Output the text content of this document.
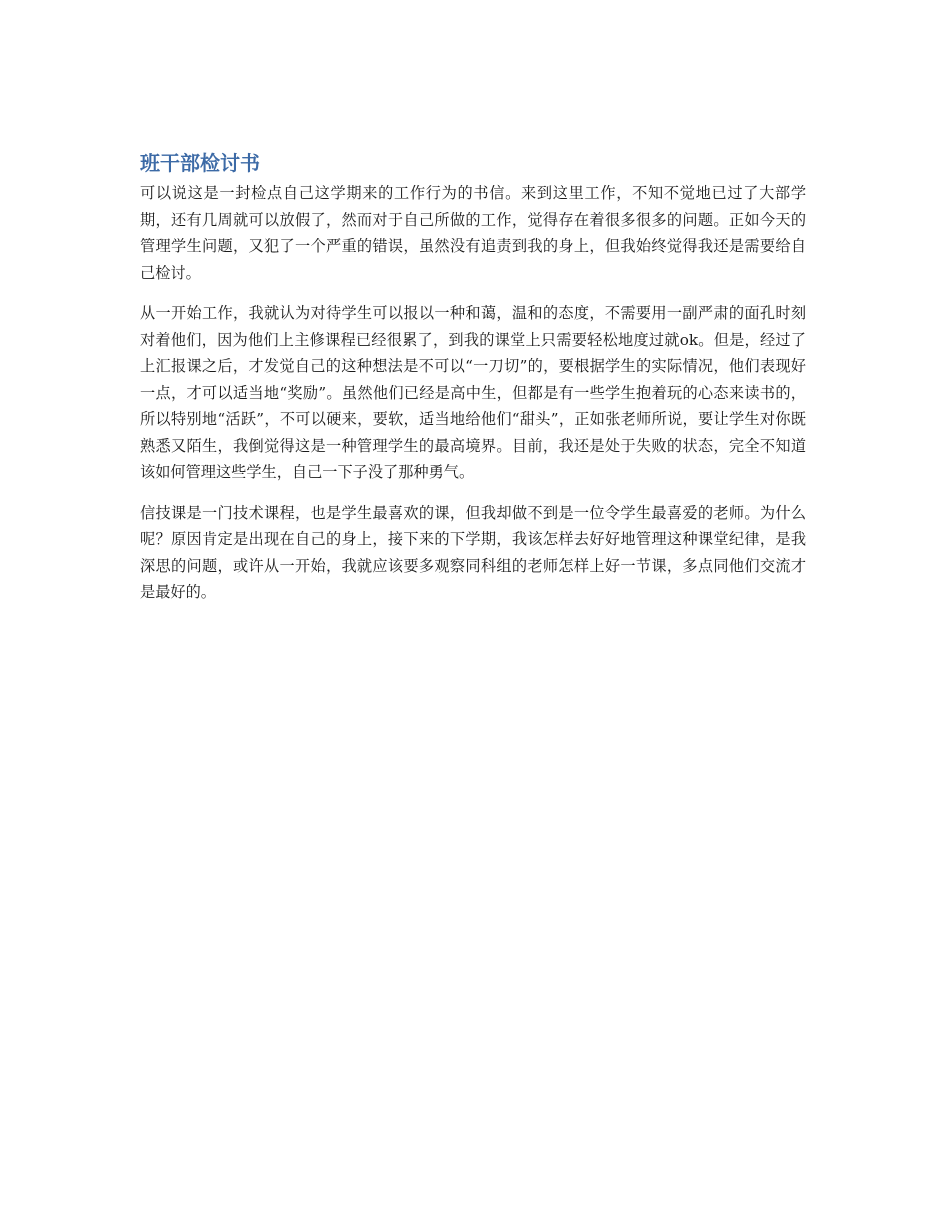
班干部检讨书

可以说这是一封检点自己这学期来的工作行为的书信。来到这里工作，不知不觉地已过了大部学期，还有几周就可以放假了，然而对于自己所做的工作，觉得存在着很多很多的问题。正如今天的管理学生问题，又犯了一个严重的错误，虽然没有追责到我的身上，但我始终觉得我还是需要给自己检讨。

从一开始工作，我就认为对待学生可以报以一种和蔼，温和的态度，不需要用一副严肃的面孔时刻对着他们，因为他们上主修课程已经很累了，到我的课堂上只需要轻松地度过就ok。但是，经过了上汇报课之后，才发觉自己的这种想法是不可以“一刀切”的，要根据学生的实际情况，他们表现好一点，才可以适当地“奖励”。虽然他们已经是高中生，但都是有一些学生抱着玩的心态来读书的，所以特别地“活跃”，不可以硬来，要软，适当地给他们“甜头”，正如张老师所说，要让学生对你既熟悉又陌生，我倒觉得这是一种管理学生的最高境界。目前，我还是处于失败的状态，完全不知道该如何管理这些学生，自己一下子没了那种勇气。

信技课是一门技术课程，也是学生最喜欢的课，但我却做不到是一位令学生最喜爱的老师。为什么呢？原因肯定是出现在自己的身上，接下来的下学期，我该怎样去好好地管理这种课堂纪律，是我深思的问题，或许从一开始，我就应该要多观察同科组的老师怎样上好一节课，多点同他们交流才是最好的。
